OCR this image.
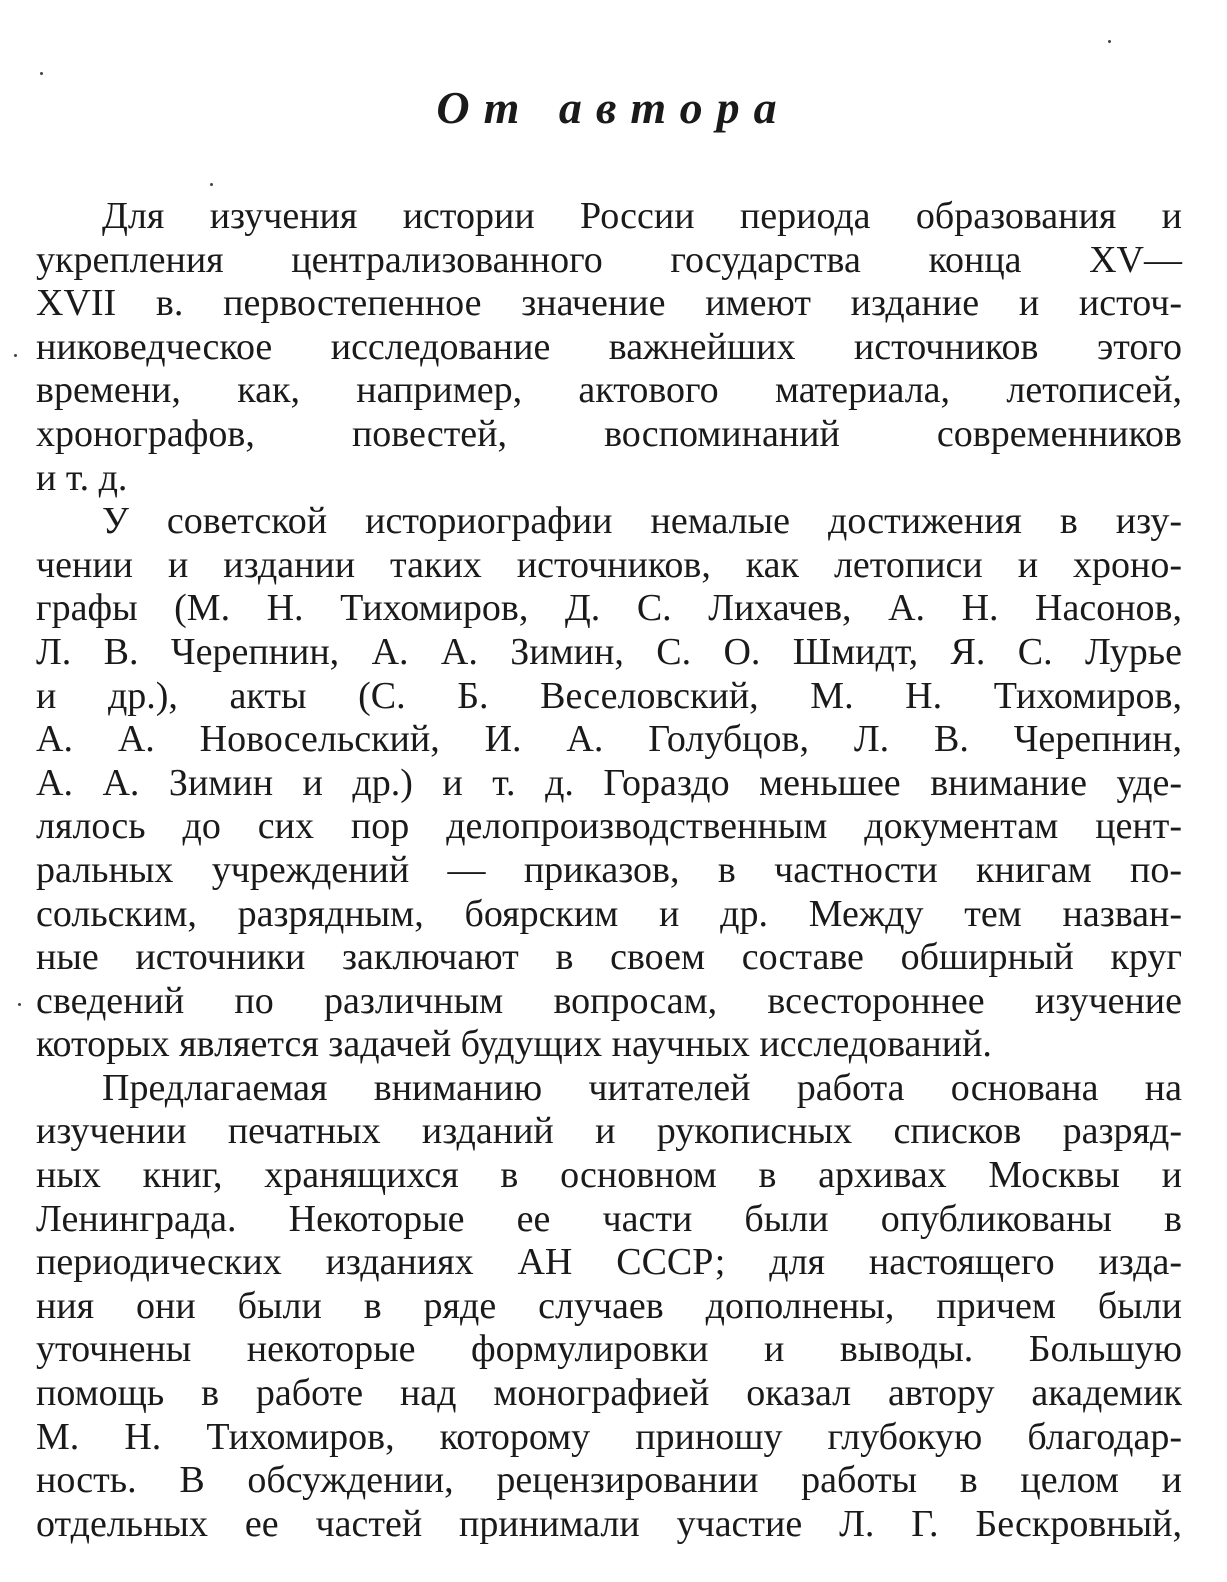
От автора
Для изучения истории России периода образования и
укрепления централизованного государства конца XV—
XVII в. первостепенное значение имеют издание и источ-
никоведческое исследование важнейших источников этого
времени, как, например, актового материала, летописей,
хронографов, повестей, воспоминаний современников
и т. д.
У советской историографии немалые достижения в изу-
чении и издании таких источников, как летописи и хроно-
графы (М. Н. Тихомиров, Д. С. Лихачев, А. Н. Насонов,
Л. В. Черепнин, А. А. Зимин, С. О. Шмидт, Я. С. Лурье
и др.), акты (С. Б. Веселовский, М. Н. Тихомиров,
А. А. Новосельский, И. А. Голубцов, Л. В. Черепнин,
А. А. Зимин и др.) и т. д. Гораздо меньшее внимание уде-
лялось до сих пор делопроизводственным документам цент-
ральных учреждений — приказов, в частности книгам по-
сольским, разрядным, боярским и др. Между тем назван-
ные источники заключают в своем составе обширный круг
сведений по различным вопросам, всестороннее изучение
которых является задачей будущих научных исследований.
Предлагаемая вниманию читателей работа основана на
изучении печатных изданий и рукописных списков разряд-
ных книг, хранящихся в основном в архивах Москвы и
Ленинграда. Некоторые ее части были опубликованы в
периодических изданиях АН СССР; для настоящего изда-
ния они были в ряде случаев дополнены, причем были
уточнены некоторые формулировки и выводы. Большую
помощь в работе над монографией оказал автору академик
М. Н. Тихомиров, которому приношу глубокую благодар-
ность. В обсуждении, рецензировании работы в целом и
отдельных ее частей принимали участие Л. Г. Бескровный,
